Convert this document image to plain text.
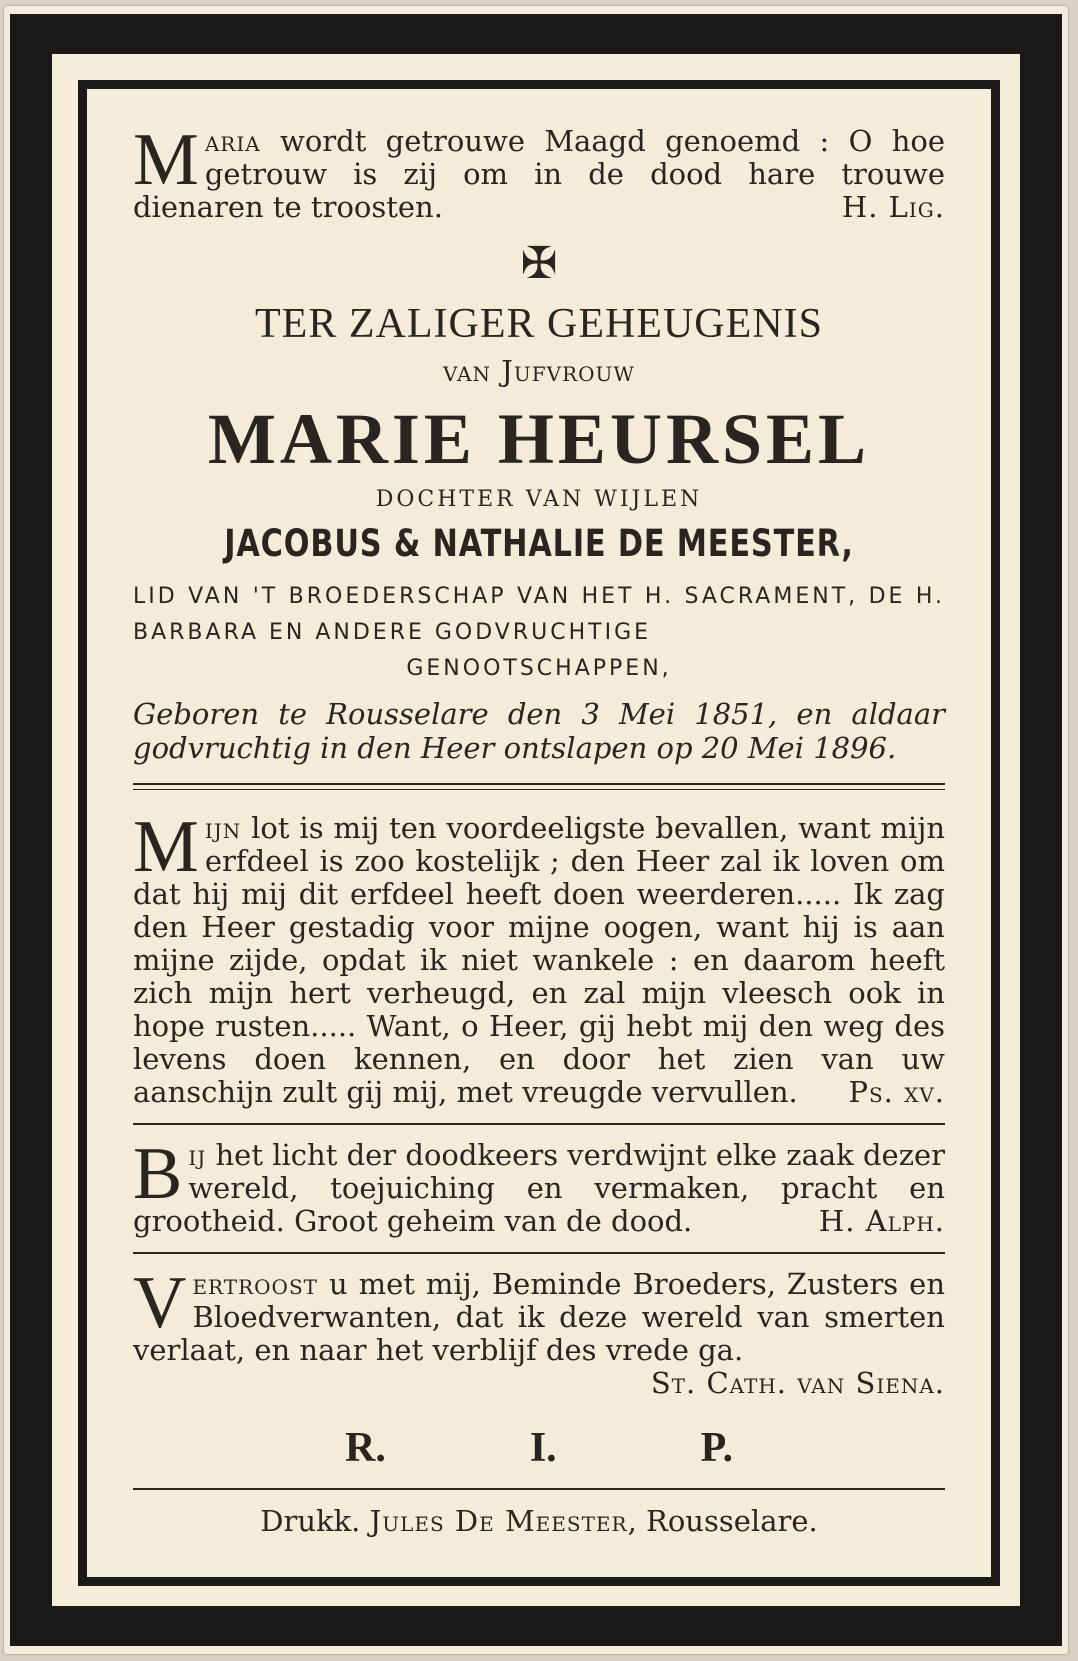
Maria wordt getrouwe Maagd genoemd : O hoe getrouw is zij om in de dood hare trouwe dienaren te troosten.	H. Lig.
✠
TER ZALIGER GEHEUGENIS
van Jufvrouw
MARIE HEURSEL
DOCHTER VAN WIJLEN
JACOBUS & NATHALIE DE MEESTER,
LID VAN 'T BROEDERSCHAP VAN HET H. SACRAMENT, DE H. BARBARA EN ANDERE GODVRUCHTIGE
GENOOTSCHAPPEN,
Geboren te Rousselare den 3 Mei 1851, en aldaar godvruchtig in den Heer ontslapen op 20 Mei 1896.
Mijn lot is mij ten voordeeligste bevallen, want mijn erfdeel is zoo kostelijk ; den Heer zal ik loven om dat hij mij dit erfdeel heeft doen weerderen..... Ik zag den Heer gestadig voor mijne oogen, want hij is aan mijne zijde, opdat ik niet wankele : en daarom heeft zich mijn hert verheugd, en zal mijn vleesch ook in hope rusten..... Want, o Heer, gij hebt mij den weg des levens doen kennen, en door het zien van uw aanschijn zult gij mij, met vreugde vervullen.	Ps. xv.
Bij het licht der doodkeers verdwijnt elke zaak dezer wereld, toejuiching en vermaken, pracht en grootheid. Groot geheim van de dood.	H. Alph.
Vertroost u met mij, Beminde Broeders, Zusters en Bloedverwanten, dat ik deze wereld van smerten verlaat, en naar het verblijf des vrede ga.
St. Cath. van Siena.
R.	I.	P.
Drukk. Jules De Meester, Rousselare.
